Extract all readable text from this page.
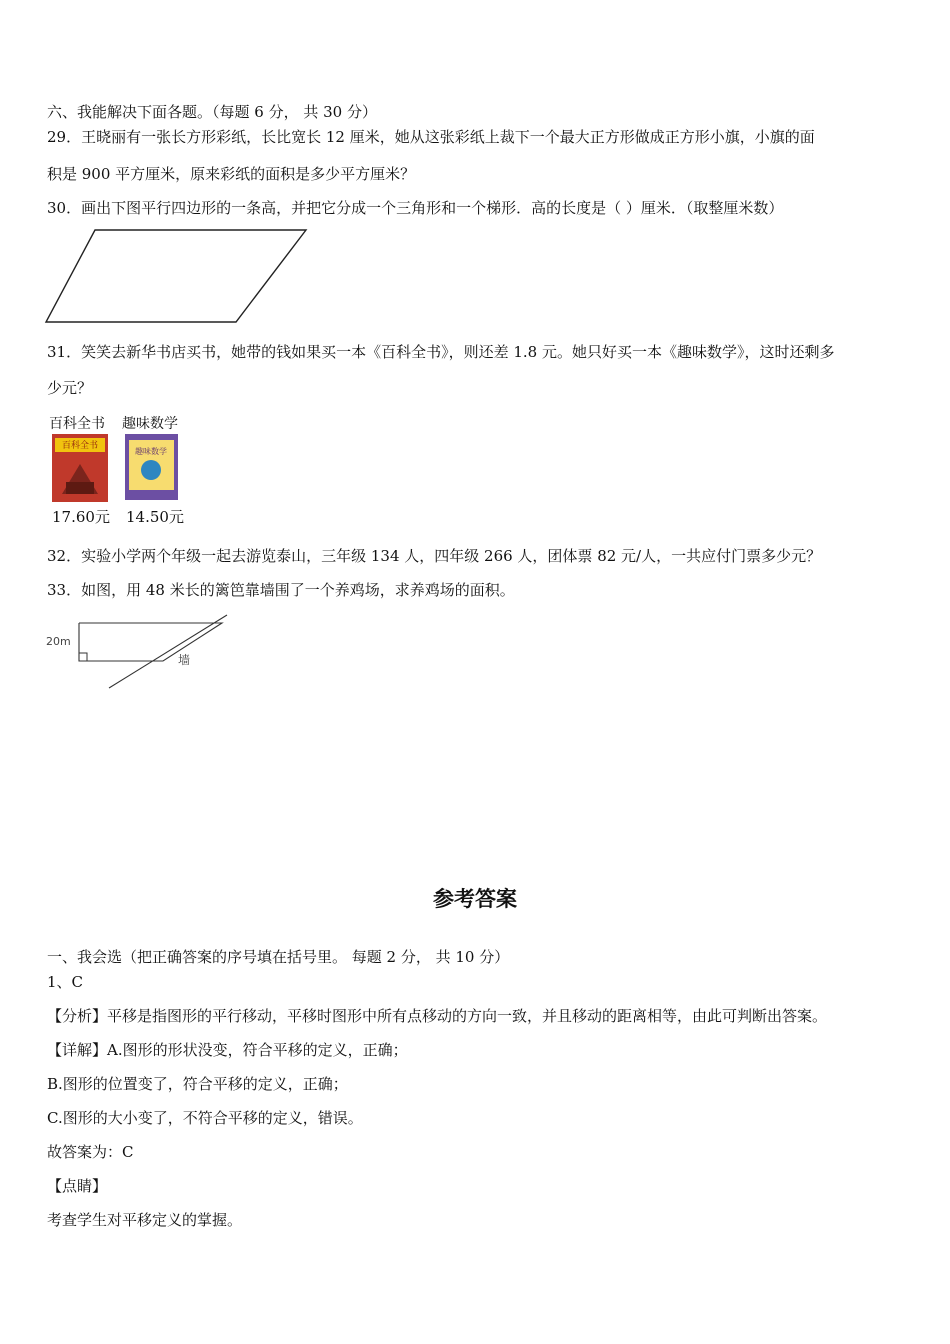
六、我能解决下面各题。（每题 6 分， 共 30 分）
29．王晓丽有一张长方形彩纸，长比宽长 12 厘米，她从这张彩纸上裁下一个最大正方形做成正方形小旗，小旗的面
积是 900 平方厘米，原来彩纸的面积是多少平方厘米？
30．画出下图平行四边形的一条高，并把它分成一个三角形和一个梯形．高的长度是（ ）厘米．（取整厘米数）
31．笑笑去新华书店买书，她带的钱如果买一本《百科全书》，则还差 1.8 元。她只好买一本《趣味数学》，这时还剩多
少元？
百科全书
百科全书
17.60元
趣味数学
趣味数学
14.50元
32．实验小学两个年级一起去游览泰山，三年级 134 人，四年级 266 人，团体票 82 元/人，一共应付门票多少元？
33．如图，用 48 米长的篱笆靠墙围了一个养鸡场，求养鸡场的面积。
20m
墙
参考答案
一、我会选（把正确答案的序号填在括号里。 每题 2 分， 共 10 分）
1、C
【分析】平移是指图形的平行移动，平移时图形中所有点移动的方向一致，并且移动的距离相等，由此可判断出答案。
【详解】A.图形的形状没变，符合平移的定义，正确；
B.图形的位置变了，符合平移的定义，正确；
C.图形的大小变了，不符合平移的定义，错误。
故答案为：C
【点睛】
考查学生对平移定义的掌握。
